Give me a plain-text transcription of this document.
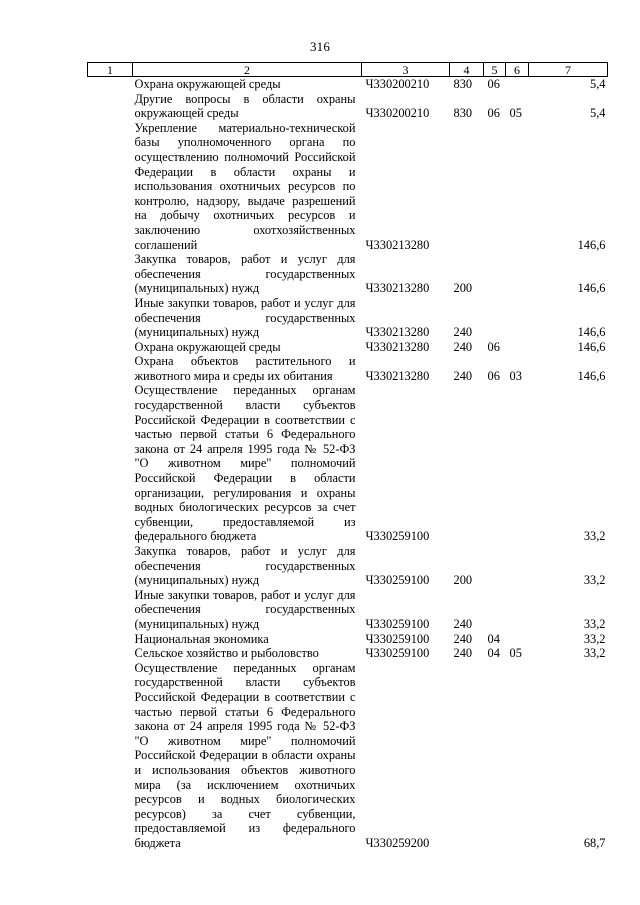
316
1	2	3	4	5	6	7
	Охрана окружающей среды	Ч330200210	830	06		5,4
	Другие вопросы в области охраны окружающей среды	Ч330200210	830	06	05	5,4
	Укрепление материально-технической базы уполномоченного органа по осуществлению полномочий Российской Федерации в области охраны и использования охотничьих ресурсов по контролю, надзору, выдаче разрешений на добычу охотничьих ресурсов и заключению охотхозяйственных соглашений	Ч330213280				146,6
	Закупка товаров, работ и услуг для обеспечения государственных (муниципальных) нужд	Ч330213280	200			146,6
	Иные закупки товаров, работ и услуг для обеспечения государственных (муниципальных) нужд	Ч330213280	240			146,6
	Охрана окружающей среды	Ч330213280	240	06		146,6
	Охрана объектов растительного и животного мира и среды их обитания	Ч330213280	240	06	03	146,6
	Осуществление переданных органам государственной власти субъектов Российской Федерации в соответствии с частью первой статьи 6 Федерального закона от 24 апреля 1995 года № 52-ФЗ "О животном мире" полномочий Российской Федерации в области организации, регулирования и охраны водных биологических ресурсов за счет субвенции, предоставляемой из федерального бюджета	Ч330259100				33,2
	Закупка товаров, работ и услуг для обеспечения государственных (муниципальных) нужд	Ч330259100	200			33,2
	Иные закупки товаров, работ и услуг для обеспечения государственных (муниципальных) нужд	Ч330259100	240			33,2
	Национальная экономика	Ч330259100	240	04		33,2
	Сельское хозяйство и рыболовство	Ч330259100	240	04	05	33,2
	Осуществление переданных органам государственной власти субъектов Российской Федерации в соответствии с частью первой статьи 6 Федерального закона от 24 апреля 1995 года № 52-ФЗ "О животном мире" полномочий Российской Федерации в области охраны и использования объектов животного мира (за исключением охотничьих ресурсов и водных биологических ресурсов) за счет субвенции, предоставляемой из федерального бюджета	Ч330259200				68,7
